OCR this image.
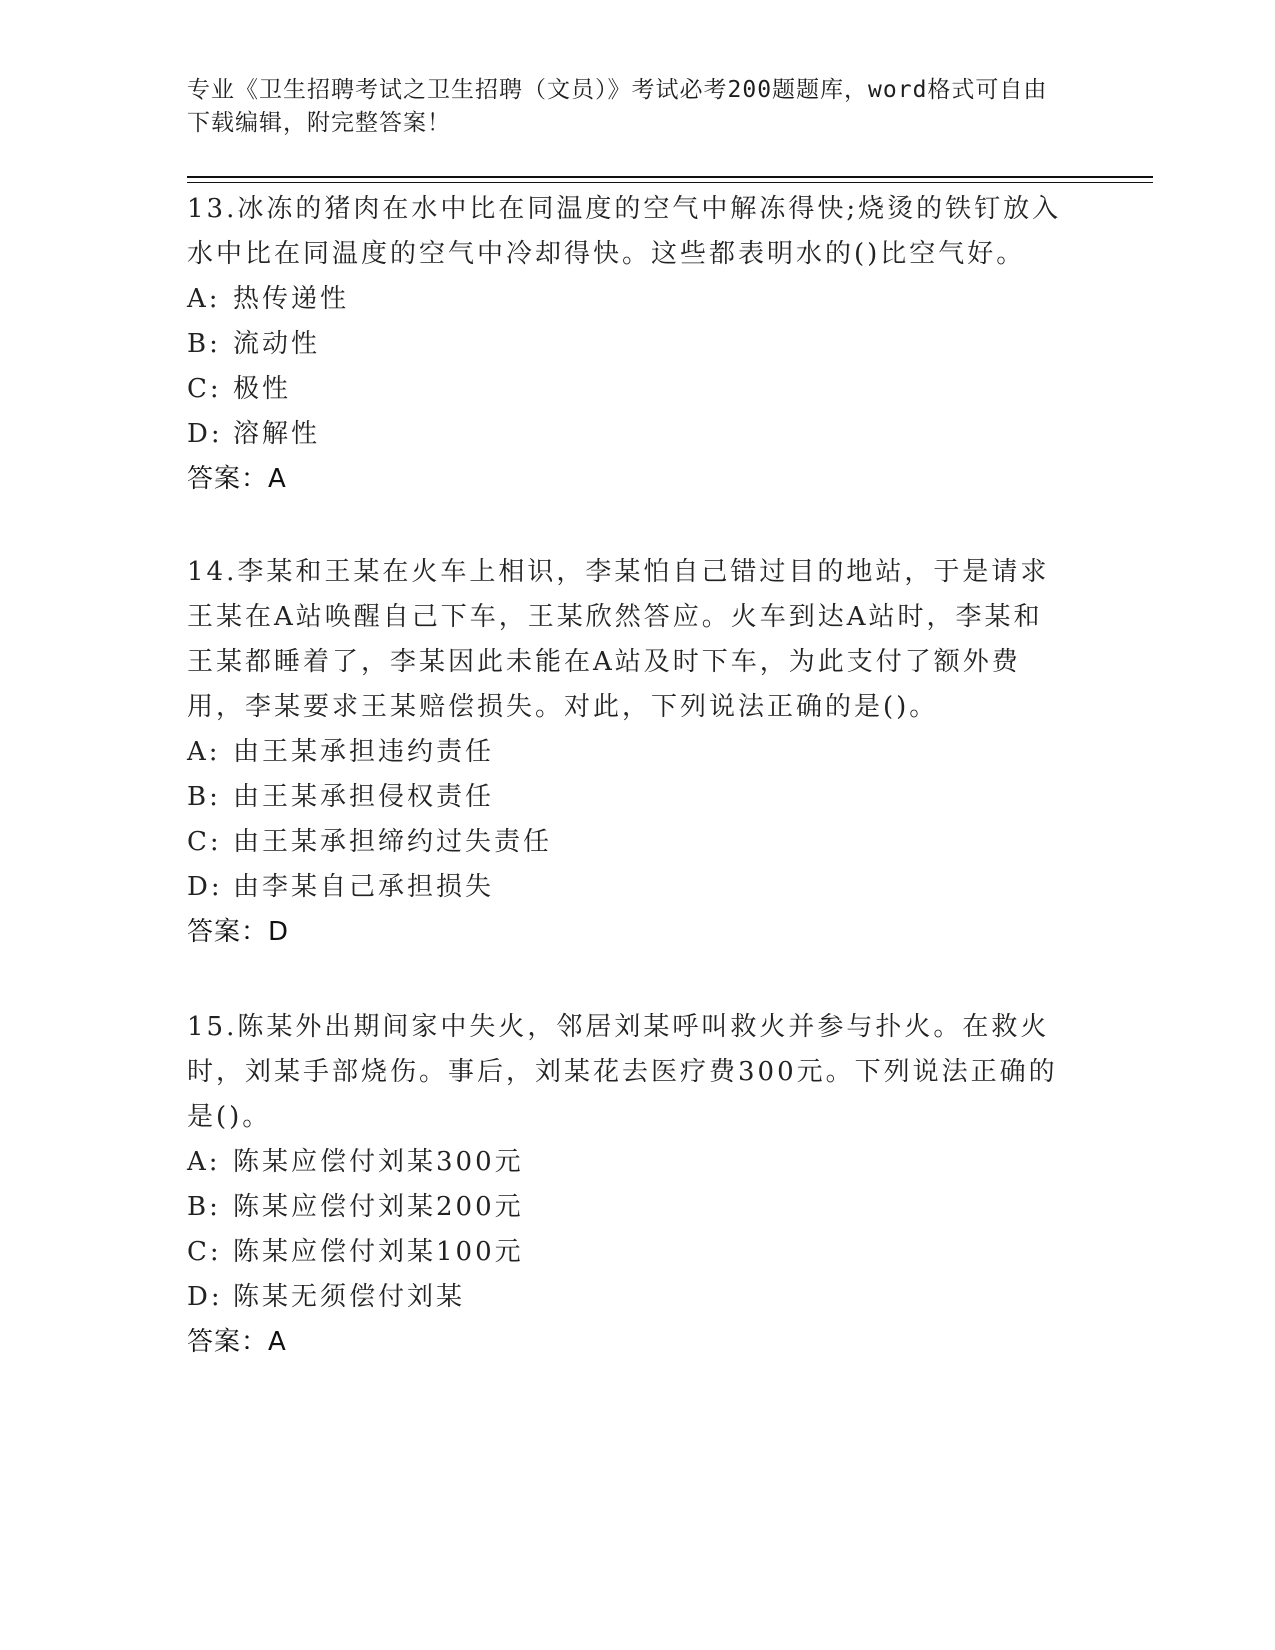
专业《卫生招聘考试之卫生招聘（文员）》考试必考200题题库，word格式可自由下载编辑，附完整答案！

13.冰冻的猪肉在水中比在同温度的空气中解冻得快;烧烫的铁钉放入水中比在同温度的空气中冷却得快。这些都表明水的()比空气好。

A: 热传递性

B: 流动性

C: 极性

D: 溶解性

答案：A

14.李某和王某在火车上相识，李某怕自己错过目的地站，于是请求王某在A站唤醒自己下车，王某欣然答应。火车到达A站时，李某和王某都睡着了，李某因此未能在A站及时下车，为此支付了额外费用，李某要求王某赔偿损失。对此，下列说法正确的是()。

A: 由王某承担违约责任

B: 由王某承担侵权责任

C: 由王某承担缔约过失责任

D: 由李某自己承担损失

答案：D

15.陈某外出期间家中失火，邻居刘某呼叫救火并参与扑火。在救火时，刘某手部烧伤。事后，刘某花去医疗费300元。下列说法正确的是()。

A: 陈某应偿付刘某300元

B: 陈某应偿付刘某200元

C: 陈某应偿付刘某100元

D: 陈某无须偿付刘某

答案：A
